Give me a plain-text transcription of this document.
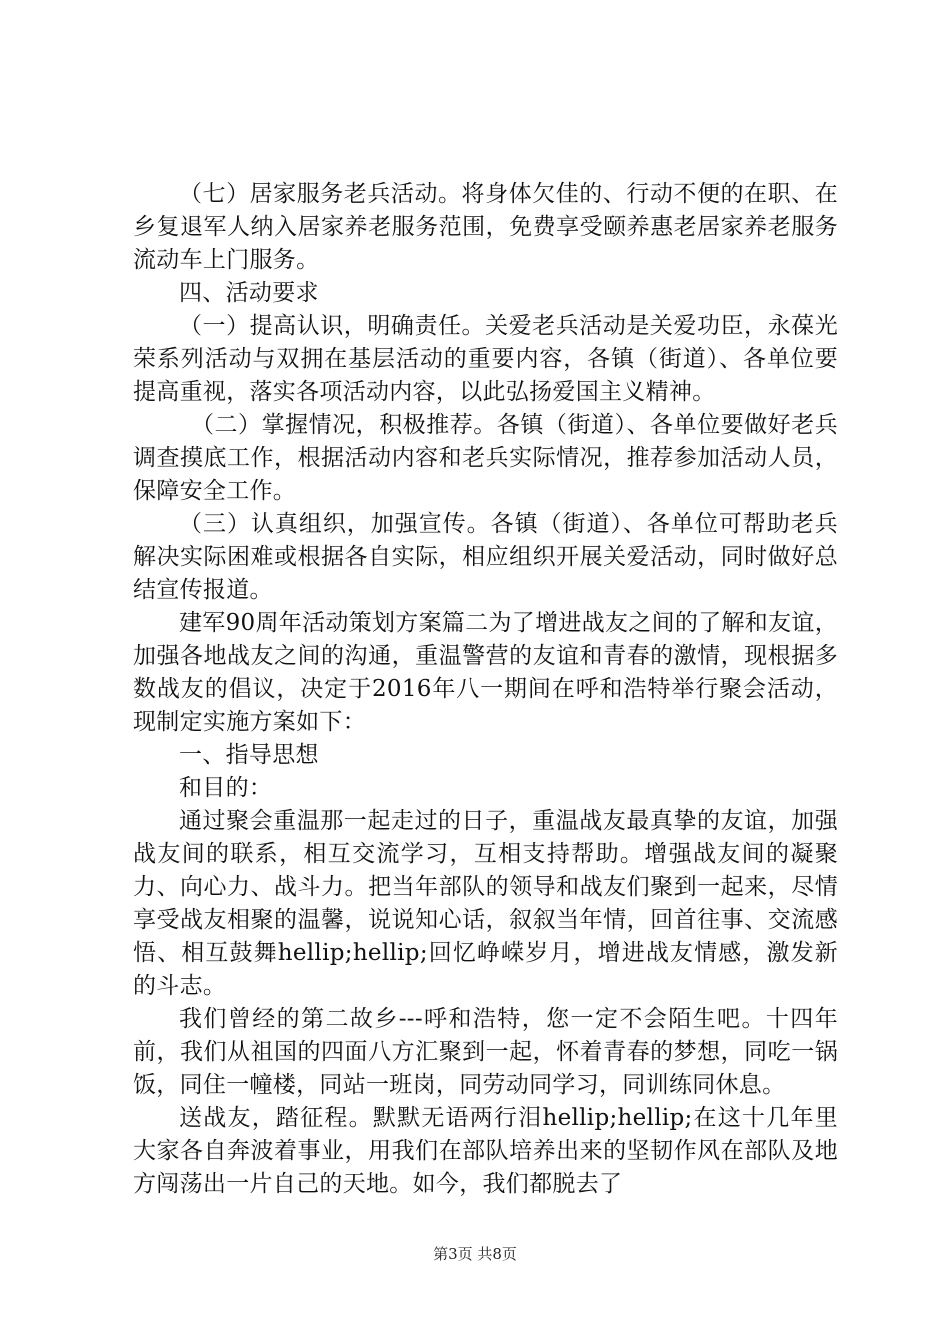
（七）居家服务老兵活动。将身体欠佳的、行动不便的在职、在乡复退军人纳入居家养老服务范围，免费享受颐养惠老居家养老服务流动车上门服务。

四、活动要求

（一）提高认识，明确责任。关爱老兵活动是关爱功臣，永葆光荣系列活动与双拥在基层活动的重要内容，各镇（街道）、各单位要提高重视，落实各项活动内容，以此弘扬爱国主义精神。

（二）掌握情况，积极推荐。各镇（街道）、各单位要做好老兵调查摸底工作，根据活动内容和老兵实际情况，推荐参加活动人员，保障安全工作。

（三）认真组织，加强宣传。各镇（街道）、各单位可帮助老兵解决实际困难或根据各自实际，相应组织开展关爱活动，同时做好总结宣传报道。

建军90周年活动策划方案篇二为了增进战友之间的了解和友谊，加强各地战友之间的沟通，重温警营的友谊和青春的激情，现根据多数战友的倡议，决定于2016年八一期间在呼和浩特举行聚会活动，现制定实施方案如下：

一、指导思想

和目的：

通过聚会重温那一起走过的日子，重温战友最真挚的友谊，加强战友间的联系，相互交流学习，互相支持帮助。增强战友间的凝聚力、向心力、战斗力。把当年部队的领导和战友们聚到一起来，尽情享受战友相聚的温馨，说说知心话，叙叙当年情，回首往事、交流感悟、相互鼓舞hellip;hellip;回忆峥嵘岁月，增进战友情感，激发新的斗志。

我们曾经的第二故乡---呼和浩特，您一定不会陌生吧。十四年前，我们从祖国的四面八方汇聚到一起，怀着青春的梦想，同吃一锅饭，同住一幢楼，同站一班岗，同劳动同学习，同训练同休息。

送战友，踏征程。默默无语两行泪hellip;hellip;在这十几年里大家各自奔波着事业，用我们在部队培养出来的坚韧作风在部队及地方闯荡出一片自己的天地。如今，我们都脱去了

第3页 共8页
